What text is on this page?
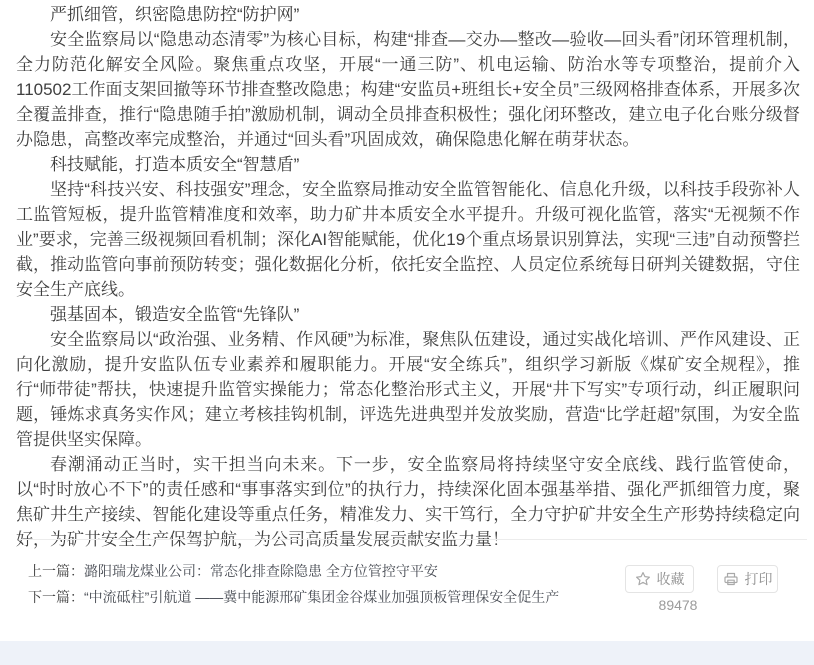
严抓细管，织密隐患防控“防护网”

安全监察局以“隐患动态清零”为核心目标，构建“排查—交办—整改—验收—回头看”闭环管理机制，全力防范化解安全风险。聚焦重点攻坚，开展“一通三防”、机电运输、防治水等专项整治，提前介入110502工作面支架回撤等环节排查整改隐患；构建“安监员+班组长+安全员”三级网格排查体系，开展多次全覆盖排查，推行“隐患随手拍”激励机制，调动全员排查积极性；强化闭环整改，建立电子化台账分级督办隐患，高整改率完成整治，并通过“回头看”巩固成效，确保隐患化解在萌芽状态。

科技赋能，打造本质安全“智慧盾”

坚持“科技兴安、科技强安”理念，安全监察局推动安全监管智能化、信息化升级，以科技手段弥补人工监管短板，提升监管精准度和效率，助力矿井本质安全水平提升。升级可视化监管，落实“无视频不作业”要求，完善三级视频回看机制；深化AI智能赋能，优化19个重点场景识别算法，实现“三违”自动预警拦截，推动监管向事前预防转变；强化数据化分析，依托安全监控、人员定位系统每日研判关键数据，守住安全生产底线。

强基固本，锻造安全监管“先锋队”

安全监察局以“政治强、业务精、作风硬”为标准，聚焦队伍建设，通过实战化培训、严作风建设、正向化激励，提升安监队伍专业素养和履职能力。开展“安全练兵”，组织学习新版《煤矿安全规程》，推行“师带徒”帮扶，快速提升监管实操能力；常态化整治形式主义，开展“井下写实”专项行动，纠正履职问题，锤炼求真务实作风；建立考核挂钩机制，评选先进典型并发放奖励，营造“比学赶超”氛围，为安全监管提供坚实保障。

春潮涌动正当时，实干担当向未来。下一步，安全监察局将持续坚守安全底线、践行监管使命，以“时时放心不下”的责任感和“事事落实到位”的执行力，持续深化固本强基举措、强化严抓细管力度，聚焦矿井生产接续、智能化建设等重点任务，精准发力、实干笃行，全力守护矿井安全生产形势持续稳定向好，为矿井安全生产保驾护航，为公司高质量发展贡献安监力量！

上一篇：潞阳瑞龙煤业公司：常态化排查除隐患 全方位管控守平安
下一篇：“中流砥柱”引航道 ——冀中能源邢矿集团金谷煤业加强顶板管理保安全促生产
收藏	打印
89478
